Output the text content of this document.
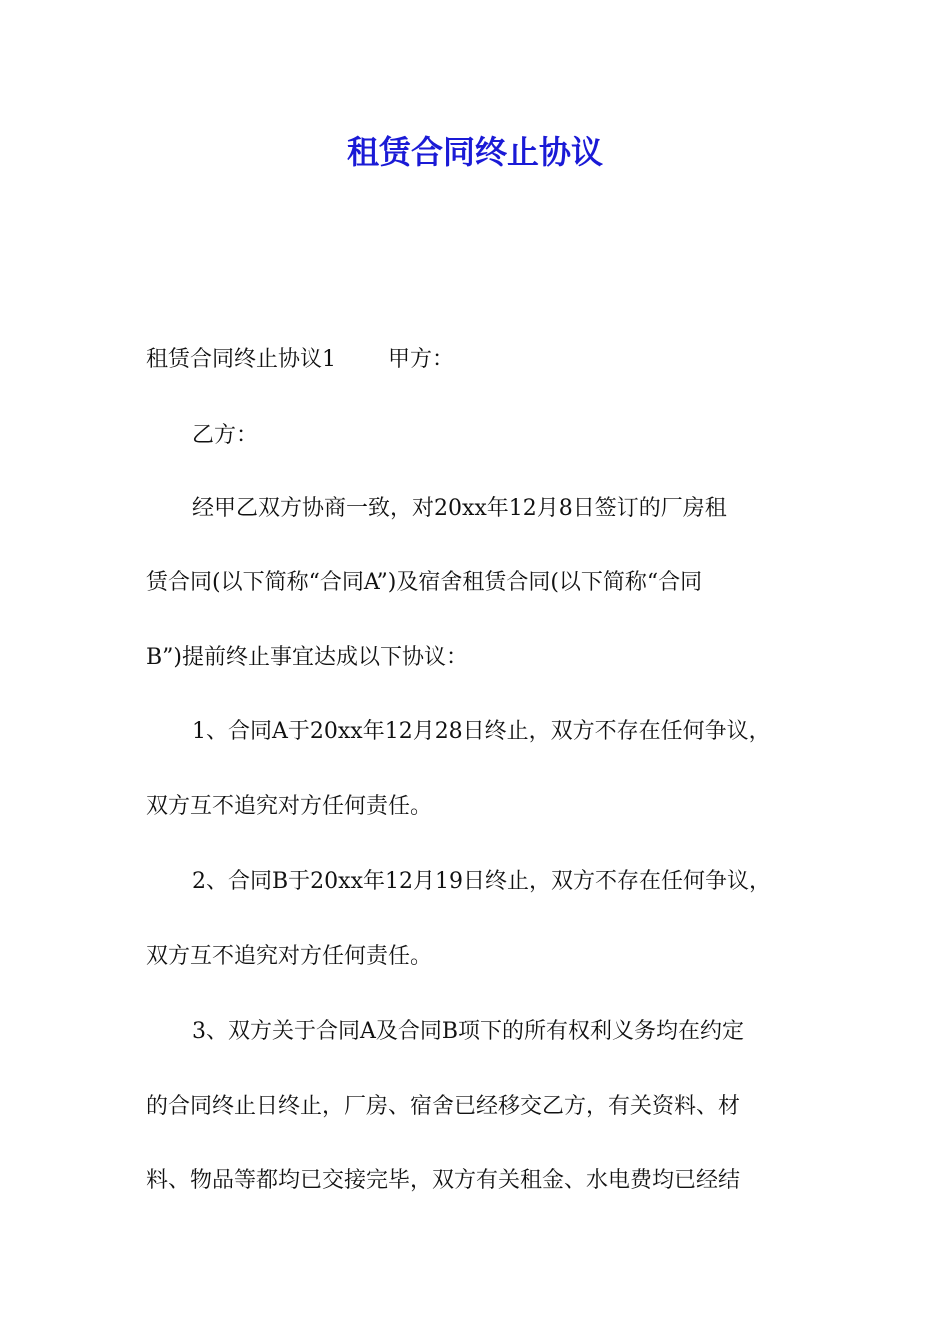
租赁合同终止协议

租赁合同终止协议1 甲方：

乙方：

经甲乙双方协商一致，对20xx年12月8日签订的厂房租

赁合同(以下简称“合同A”)及宿舍租赁合同(以下简称“合同

B”)提前终止事宜达成以下协议：

1、合同A于20xx年12月28日终止，双方不存在任何争议，

双方互不追究对方任何责任。

2、合同B于20xx年12月19日终止，双方不存在任何争议，

双方互不追究对方任何责任。

3、双方关于合同A及合同B项下的所有权利义务均在约定

的合同终止日终止，厂房、宿舍已经移交乙方，有关资料、材

料、物品等都均已交接完毕，双方有关租金、水电费均已经结
